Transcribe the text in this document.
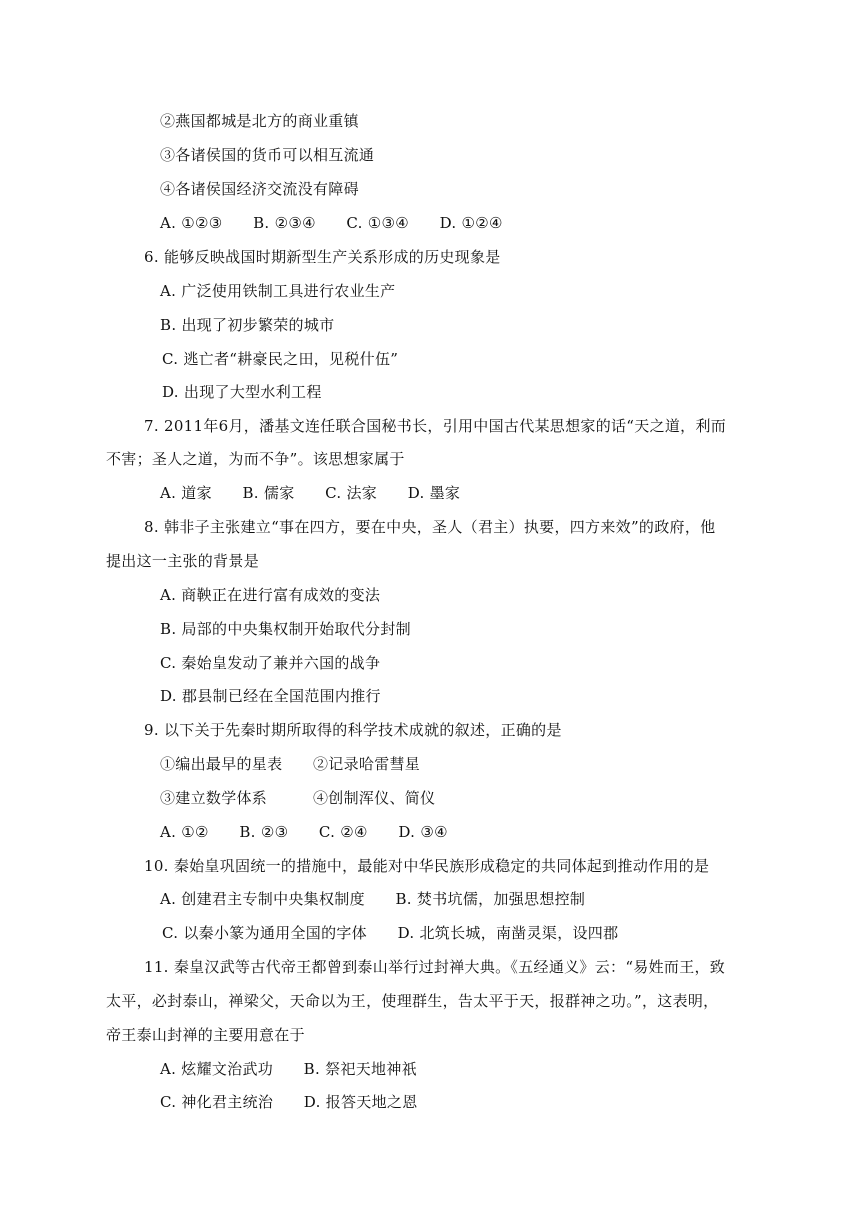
②燕国都城是北方的商业重镇
③各诸侯国的货币可以相互流通
④各诸侯国经济交流没有障碍
A. ①②③　　B. ②③④　　C. ①③④　　D. ①②④
6. 能够反映战国时期新型生产关系形成的历史现象是
A. 广泛使用铁制工具进行农业生产
B. 出现了初步繁荣的城市
C. 逃亡者“耕豪民之田，见税什伍”
D. 出现了大型水利工程
7. 2011年6月，潘基文连任联合国秘书长，引用中国古代某思想家的话“天之道，利而
不害；圣人之道，为而不争”。该思想家属于
A. 道家　　B. 儒家　　C. 法家　　D. 墨家
8. 韩非子主张建立“事在四方，要在中央，圣人（君主）执要，四方来效”的政府，他
提出这一主张的背景是
A. 商鞅正在进行富有成效的变法
B. 局部的中央集权制开始取代分封制
C. 秦始皇发动了兼并六国的战争
D. 郡县制已经在全国范围内推行
9. 以下关于先秦时期所取得的科学技术成就的叙述，正确的是
①编出最早的星表　　②记录哈雷彗星
③建立数学体系　　　④创制浑仪、简仪
A. ①②　　B. ②③　　C. ②④　　D. ③④
10. 秦始皇巩固统一的措施中，最能对中华民族形成稳定的共同体起到推动作用的是
A. 创建君主专制中央集权制度　　B. 焚书坑儒，加强思想控制
C. 以秦小篆为通用全国的字体　　D. 北筑长城，南凿灵渠，设四郡
11. 秦皇汉武等古代帝王都曾到泰山举行过封禅大典。《五经通义》云：“易姓而王，致
太平，必封泰山，禅梁父，天命以为王，使理群生，告太平于天，报群神之功。”，这表明，
帝王泰山封禅的主要用意在于
A. 炫耀文治武功　　B. 祭祀天地神祇
C. 神化君主统治　　D. 报答天地之恩
